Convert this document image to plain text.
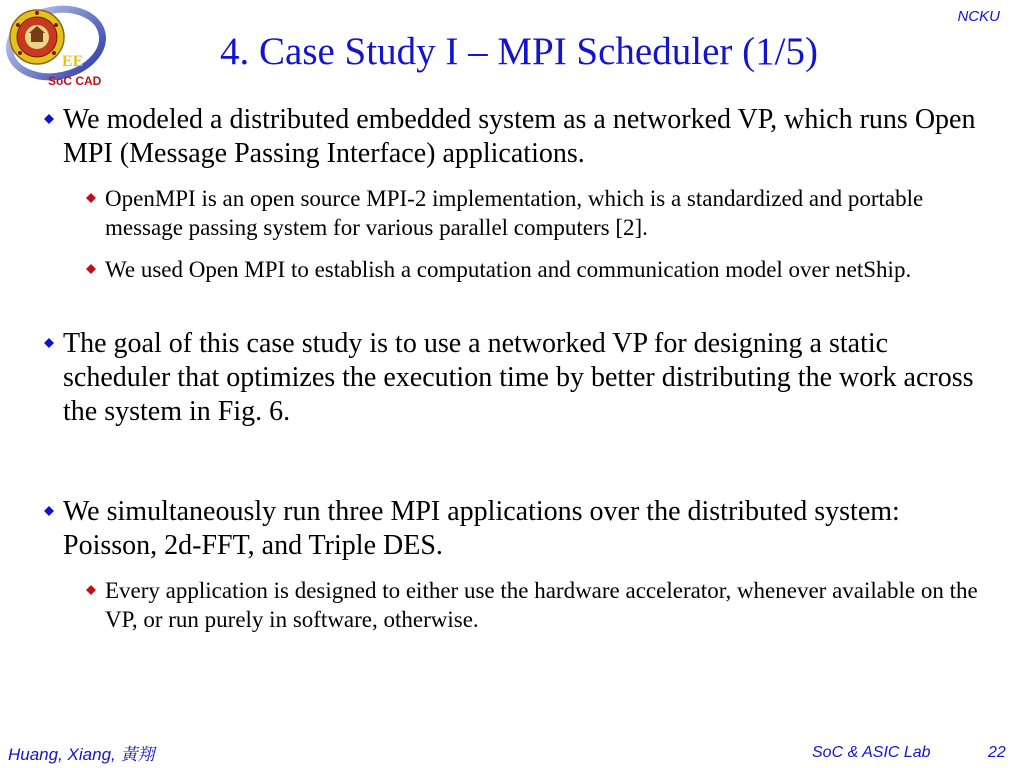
EE
SoC CAD
NCKU
4. Case Study I – MPI Scheduler (1/5)
We modeled a distributed embedded system as a networked VP, which runs Open MPI (Message Passing Interface) applications.
OpenMPI is an open source MPI-2 implementation, which is a standardized and portable message passing system for various parallel computers [2].
We used Open MPI to establish a computation and communication model over netShip.
The goal of this case study is to use a networked VP for designing a static scheduler that optimizes the execution time by better distributing the work across the system in Fig. 6.
We simultaneously run three MPI applications over the distributed system: Poisson, 2d-FFT, and Triple DES.
Every application is designed to either use the hardware accelerator, whenever available on the VP, or run purely in software, otherwise.
Huang, Xiang, 黃翔	SoC & ASIC Lab	22
